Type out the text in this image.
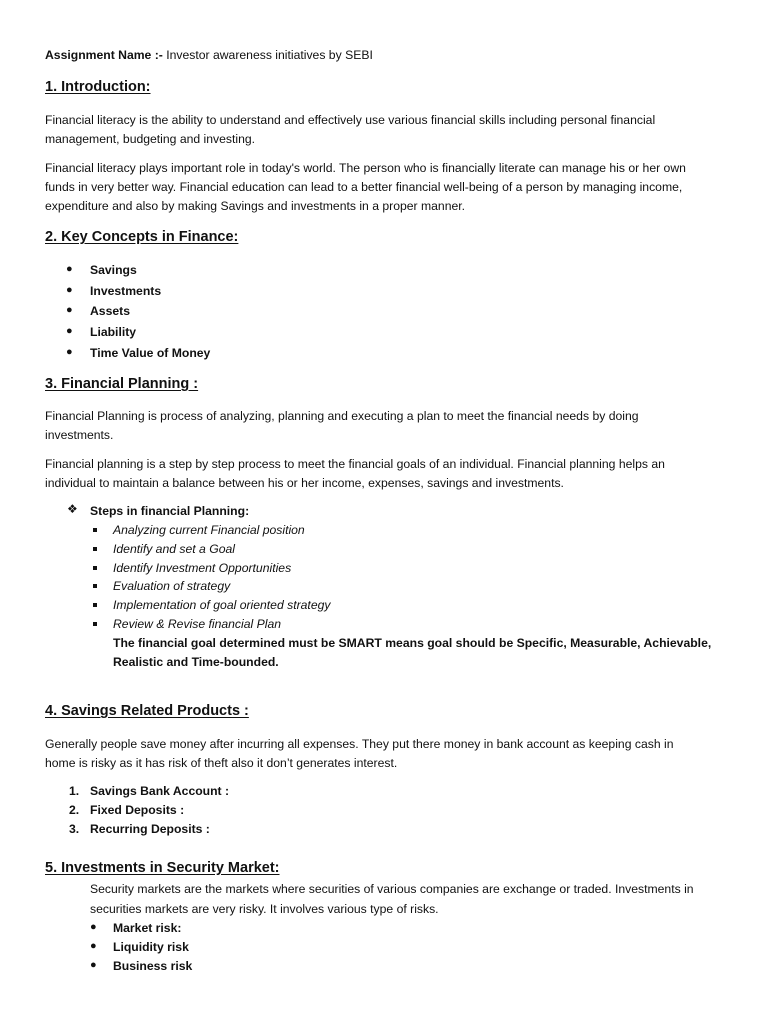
Assignment Name :- Investor awareness initiatives by SEBI
1. Introduction:
Financial literacy is the ability to understand and effectively use various financial skills including personal financial
management, budgeting and investing.
Financial literacy plays important role in today's world. The person who is financially literate can manage his or her own
funds in very better way. Financial education can lead to a better financial well-being of a person by managing income,
expenditure and also by making Savings and investments in a proper manner.
2. Key Concepts in Finance:
● Savings
● Investments
● Assets
● Liability
● Time Value of Money
3. Financial Planning :
Financial Planning is process of analyzing, planning and executing a plan to meet the financial needs by doing
investments.
Financial planning is a step by step process to meet the financial goals of an individual. Financial planning helps an
individual to maintain a balance between his or her income, expenses, savings and investments.
❖ Steps in financial Planning:
Analyzing current Financial position
Identify and set a Goal
Identify Investment Opportunities
Evaluation of strategy
Implementation of goal oriented strategy
Review & Revise financial Plan
The financial goal determined must be SMART means goal should be Specific, Measurable, Achievable,
Realistic and Time-bounded.
4. Savings Related Products :
Generally people save money after incurring all expenses. They put there money in bank account as keeping cash in
home is risky as it has risk of theft also it don’t generates interest.
1. Savings Bank Account :
2. Fixed Deposits :
3. Recurring Deposits :
5. Investments in Security Market:
Security markets are the markets where securities of various companies are exchange or traded. Investments in
securities markets are very risky. It involves various type of risks.
● Market risk:
● Liquidity risk
● Business risk
